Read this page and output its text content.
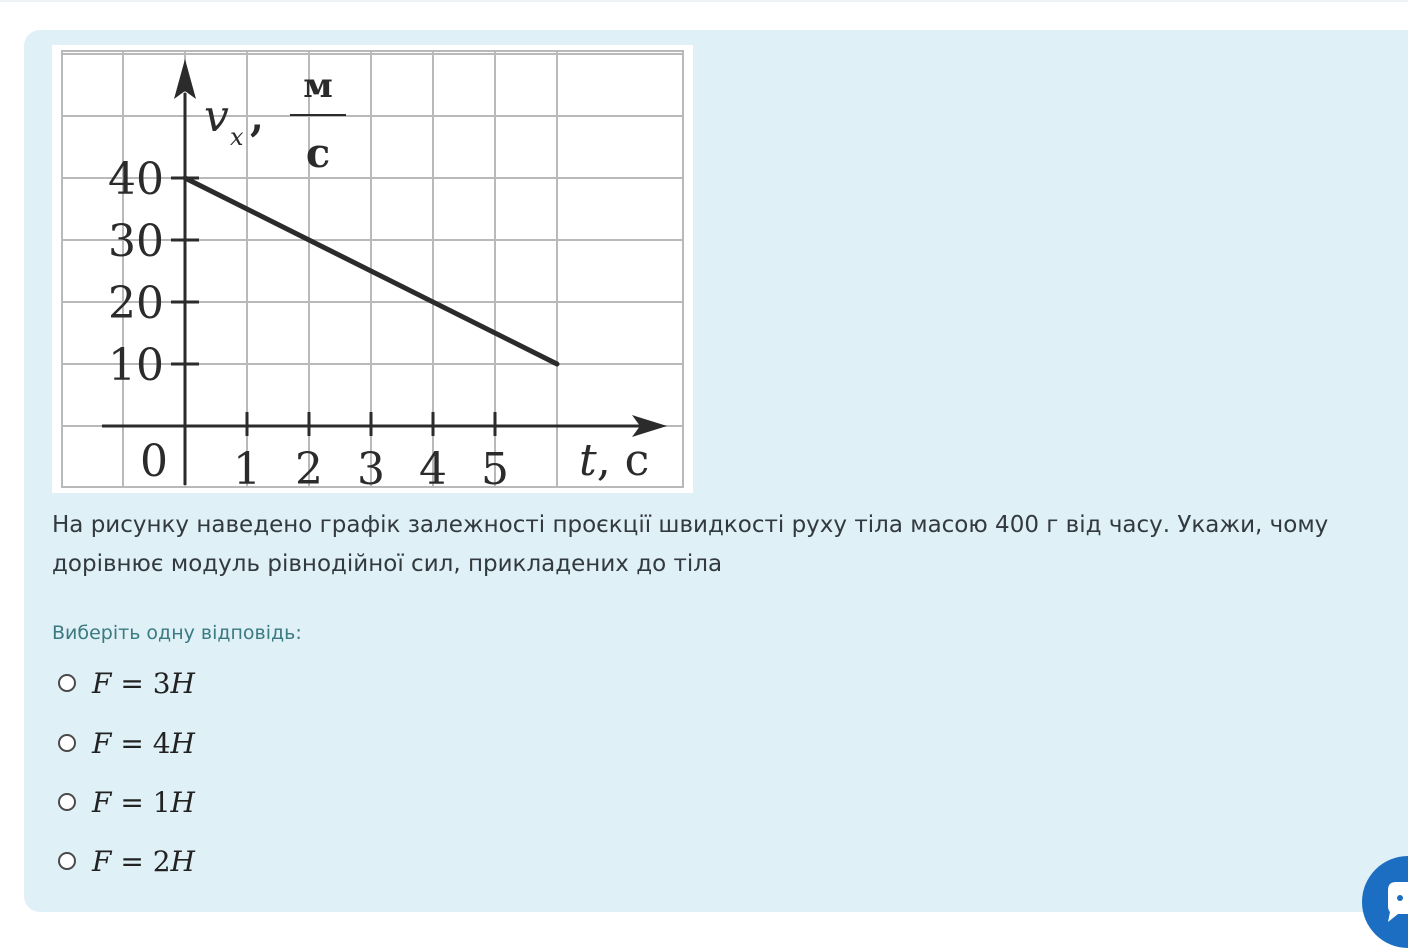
1 2 3 4 5
0
10
20
30
40
v x ,
м
с
t, с
На рисунку наведено графік залежності проєкції швидкості руху тіла масою 400 г від часу. Укажи, чому дорівнює модуль рівнодійної сил, прикладених до тіла
Виберіть одну відповідь:
F = 3H
F = 4H
F = 1H
F = 2H
